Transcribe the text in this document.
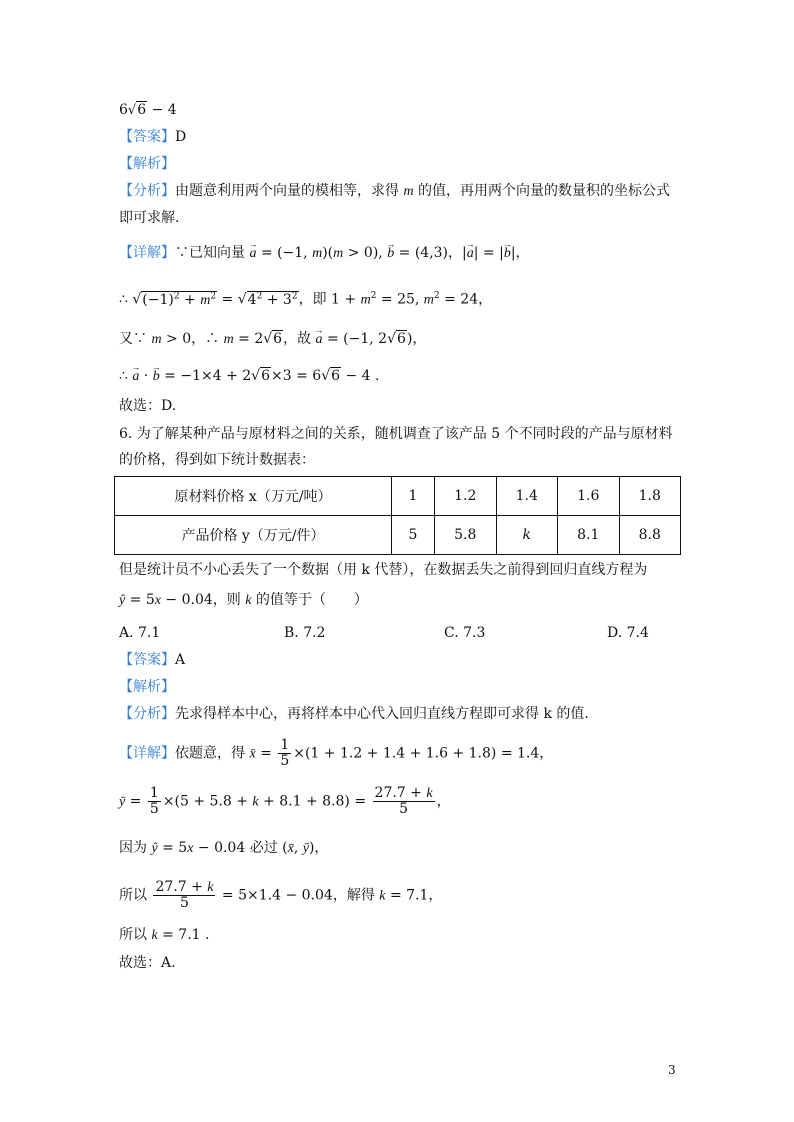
6√6 − 4
【答案】D
【解析】
【分析】由题意利用两个向量的模相等，求得 m 的值，再用两个向量的数量积的坐标公式
即可求解.
【详解】∵已知向量 → a = (−1, m)(m > 0), → b = (4,3)，|→ a| = |→ b|，
∴ $√(-1)^2 + m^2 = √4^2 + 3^2$，即 $1 + m^2 = 25$, $m^2 = 24$，
又∵ m > 0，∴ m = 2√6，故 → a = (−1, 2√6)，
∴ → a · → b = −1×4 + 2√6×3 = 6√6 − 4 .
故选：D.
6. 为了解某种产品与原材料之间的关系，随机调查了该产品 5 个不同时段的产品与原材料
的价格，得到如下统计数据表：
原材料价格 x（万元/吨）	1	1.2	1.4	1.6	1.8
产品价格 y（万元/件）	5	5.8	k	8.1	8.8
但是统计员不小心丢失了一个数据（用 k 代替），在数据丢失之前得到回归直线方程为
ŷ = 5x − 0.04，则 k 的值等于（　　）
A. 7.1	B. 7.2	C. 7.3	D. 7.4
【答案】A
【解析】
【分析】先求得样本中心，再将样本中心代入回归直线方程即可求得 k 的值.
【详解】依题意，得 x̄ = $\frac{1}{5} \times(1 + 1.2 + 1.4 + 1.6 + 1.8) = 1.4$，
ȳ = $\frac{1}{5} \times(5 + 5.8 + k + 8.1 + 8.8) = \frac{27.7 + k}{5}$ ，
因为 ŷ = 5x − 0.04 必过 (x̄, ȳ)，
所以 $\frac{27.7 + k}{5} = 5\times 1.4 - 0.04$，解得 k = 7.1，
所以 k = 7.1 .
故选：A.
3
